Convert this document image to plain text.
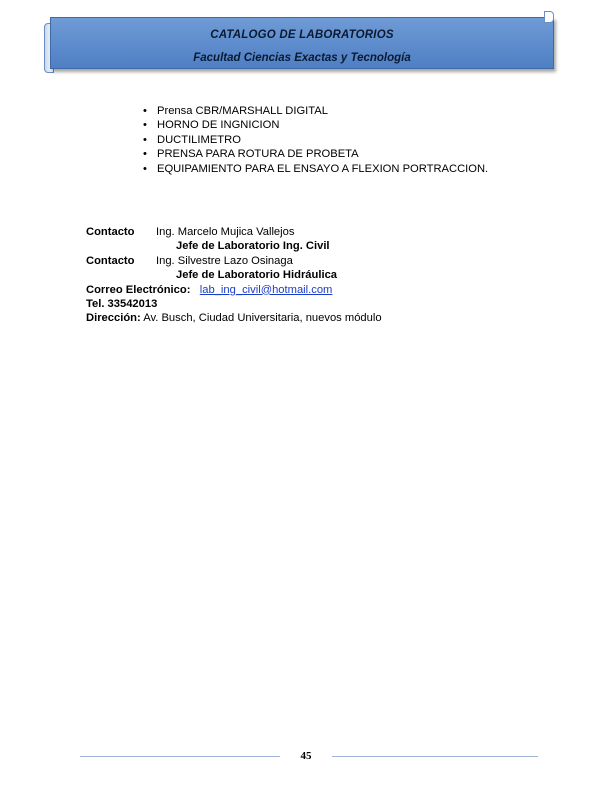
CATALOGO DE LABORATORIOS
Facultad Ciencias Exactas y Tecnología
• Prensa CBR/MARSHALL DIGITAL
• HORNO DE INGNICION
• DUCTILIMETRO
• PRENSA PARA ROTURA DE PROBETA
• EQUIPAMIENTO PARA EL ENSAYO A FLEXION PORTRACCION.
Contacto Ing. Marcelo Mujica Vallejos
Jefe de Laboratorio Ing. Civil
Contacto Ing. Silvestre Lazo Osinaga
Jefe de Laboratorio Hidráulica
Correo Electrónico: lab_ing_civil@hotmail.com
Tel. 33542013
Dirección: Av. Busch, Ciudad Universitaria, nuevos módulo
45
